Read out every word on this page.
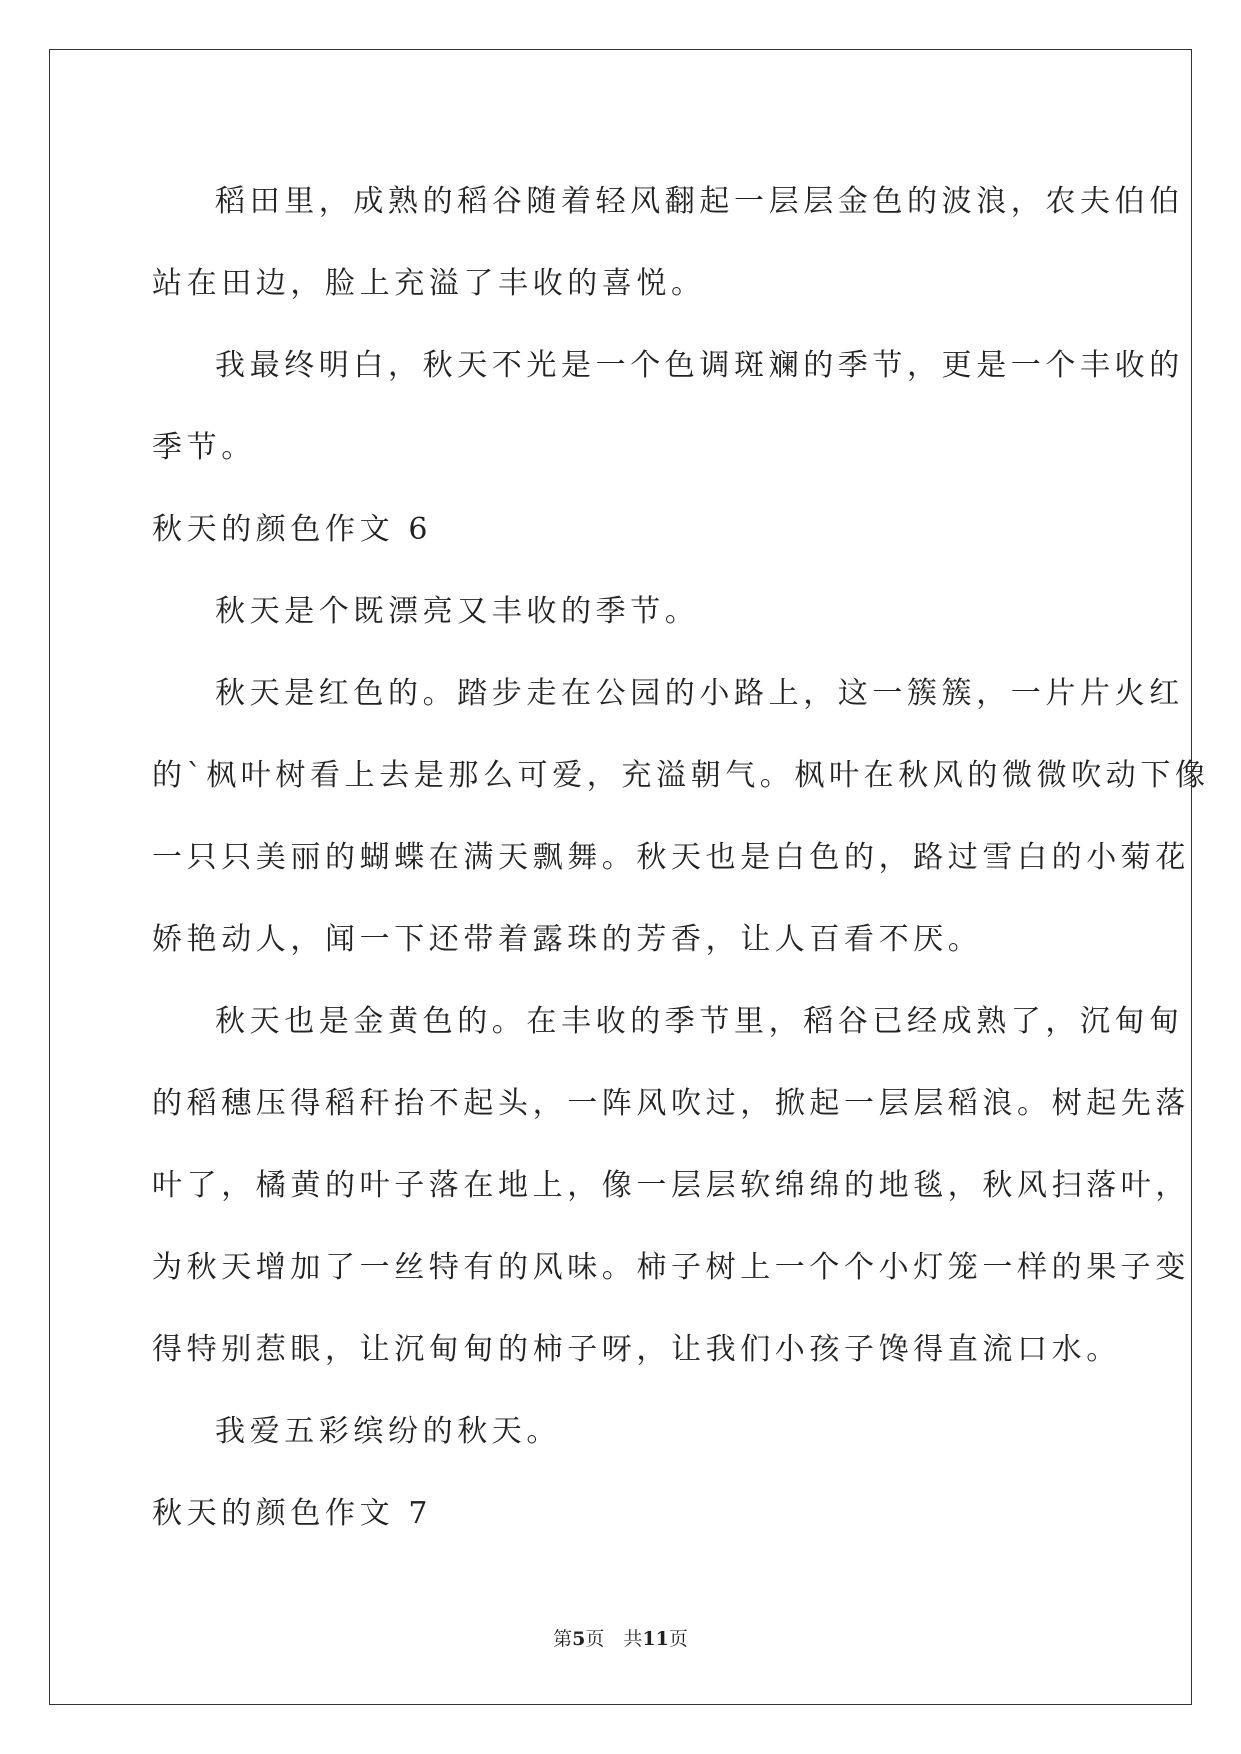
稻田里，成熟的稻谷随着轻风翻起一层层金色的波浪，农夫伯伯
站在田边，脸上充溢了丰收的喜悦。
我最终明白，秋天不光是一个色调斑斓的季节，更是一个丰收的
季节。
秋天的颜色作文 6
秋天是个既漂亮又丰收的季节。
秋天是红色的。踏步走在公园的小路上，这一簇簇，一片片火红
的`枫叶树看上去是那么可爱，充溢朝气。枫叶在秋风的微微吹动下像
一只只美丽的蝴蝶在满天飘舞。秋天也是白色的，路过雪白的小菊花
娇艳动人，闻一下还带着露珠的芳香，让人百看不厌。
秋天也是金黄色的。在丰收的季节里，稻谷已经成熟了，沉甸甸
的稻穗压得稻秆抬不起头，一阵风吹过，掀起一层层稻浪。树起先落
叶了，橘黄的叶子落在地上，像一层层软绵绵的地毯，秋风扫落叶，
为秋天增加了一丝特有的风味。柿子树上一个个小灯笼一样的果子变
得特别惹眼，让沉甸甸的柿子呀，让我们小孩子馋得直流口水。
我爱五彩缤纷的秋天。
秋天的颜色作文 7
第5页　共11页
